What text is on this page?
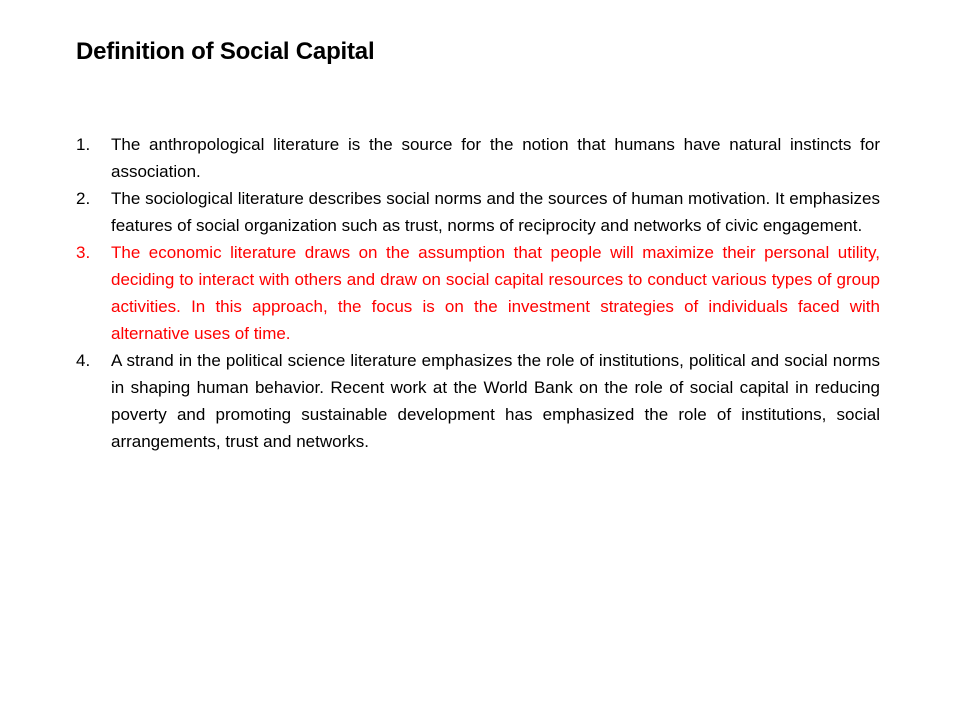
Definition of Social Capital
1.	The anthropological literature is the source for the notion that humans have natural instincts for association.
2.	The sociological literature describes social norms and the sources of human motivation. It emphasizes features of social organization such as trust, norms of reciprocity and networks of civic engagement.
3.	The economic literature draws on the assumption that people will maximize their personal utility, deciding to interact with others and draw on social capital resources to conduct various types of group activities. In this approach, the focus is on the investment strategies of individuals faced with alternative uses of time.
4.	A strand in the political science literature emphasizes the role of institutions, political and social norms in shaping human behavior. Recent work at the World Bank on the role of social capital in reducing poverty and promoting sustainable development has emphasized the role of institutions, social arrangements, trust and networks.
